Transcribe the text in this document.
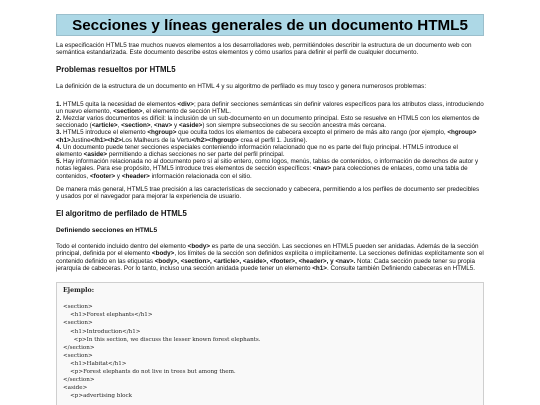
Secciones y líneas generales de un documento HTML5

La especificación HTML5 trae muchos nuevos elementos a los desarrolladores web, permitiéndoles describir la estructura de un documento web con semántica estandarizada. Este documento describe estos elementos y cómo usarlos para definir el perfil de cualquier documento.

Problemas resueltos por HTML5

La definición de la estructura de un documento en HTML 4 y su algoritmo de perfilado es muy tosco y genera numerosos problemas:

1. HTML5 quita la necesidad de elementos <div>; para definir secciones semánticas sin definir valores específicos para los atributos class, introduciendo un nuevo elemento, <section>, el elemento de sección HTML.

2. Mezclar varios documentos es difícil: la inclusión de un sub-documento en un documento principal. Esto se resuelve en HTML5 con los elementos de seccionado (<article>, <section>, <nav> y <aside>) son siempre subsecciones de su sección ancestra más cercana.

3. HTML5 introduce el elemento <hgroup> que oculta todos los elementos de cabecera excepto el primero de más alto rango (por ejemplo, <hgroup><h1>Justine</h1><h2>Los Malheurs de la Vertu</h2></hgroup> crea el perfil 1. Justine).

4. Un documento puede tener secciones especiales conteniendo información relacionado que no es parte del flujo principal. HTML5 introduce el elemento <aside> permitiendo a dichas secciones no ser parte del perfil principal.

5. Hay información relacionada no al documento pero sí al sitio entero, como logos, menús, tablas de contenidos, o información de derechos de autor y notas legales. Para ese propósito, HTML5 introduce tres elementos de sección específicos: <nav> para colecciones de enlaces, como una tabla de contenidos, <footer> y <header> información relacionada con el sitio.

De manera más general, HTML5 trae precisión a las características de seccionado y cabecera, permitiendo a los perfiles de documento ser predecibles y usados por el navegador para mejorar la experiencia de usuario.

El algoritmo de perfilado de HTML5
Definiendo secciones en HTML5

Todo el contenido incluido dentro del elemento <body> es parte de una sección. Las secciones en HTML5 pueden ser anidadas. Además de la sección principal, definida por el elemento <body>, los límites de la sección son definidos explícita o implícitamente. La secciones definidas explícitamente son el contenido definido en las etiquetas <body>, <section>, <article>, <aside>, <footer>, <header>, y <nav>. Nota: Cada sección puede tener su propia jerarquía de cabeceras. Por lo tanto, incluso una sección anidada puede tener un elemento <h1>. Consulte también Definiendo cabeceras en HTML5.

Ejemplo:

<section>
<h1>Forest elephants</h1>
<section>
<h1>Introduction</h1>
<p>In this section, we discuss the lesser known forest elephants.
</section>
<section>
<h1>Habitat</h1>
<p>Forest elephants do not live in trees but among them.
</section>
<aside>
<p>advertising block
